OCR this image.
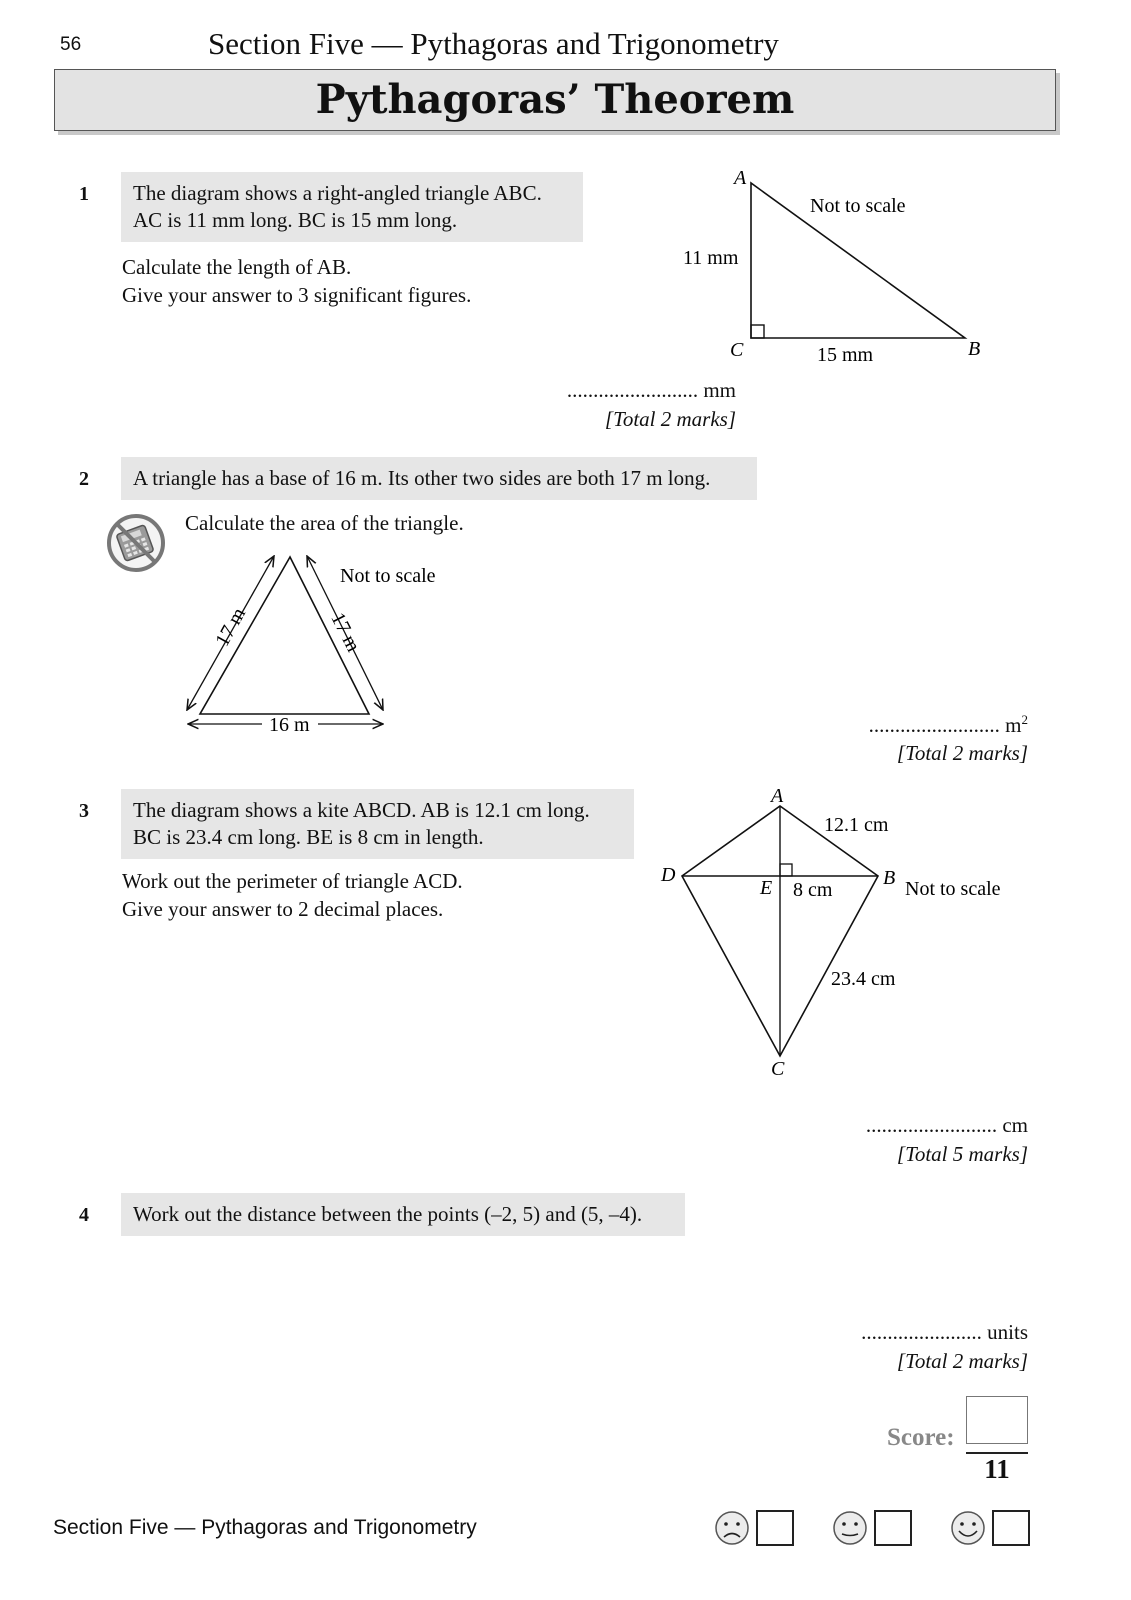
56	Section Five — Pythagoras and Trigonometry
Pythagoras’ Theorem
1 The diagram shows a right-angled triangle ABC.
AC is 11 mm long. BC is 15 mm long.
Calculate the length of AB.
Give your answer to 3 significant figures.
A
C	B
11 mm
15 mm
Not to scale
......................... mm
[Total 2 marks]
2 A triangle has a base of 16 m. Its other two sides are both 17 m long.
Calculate the area of the triangle.
16 m
17 m	17 m
Not to scale
......................... $m^2$
[Total 2 marks]
3 The diagram shows a kite ABCD. AB is 12.1 cm long.
BC is 23.4 cm long. BE is 8 cm in length.
Work out the perimeter of triangle ACD.
Give your answer to 2 decimal places.
A
B
C
D
E 8 cm
12.1 cm
23.4 cm
Not to scale
......................... cm
[Total 5 marks]
4 Work out the distance between the points (–2, 5) and (5, –4).
....................... units
[Total 2 marks]
Score:
11
Section Five — Pythagoras and Trigonometry
